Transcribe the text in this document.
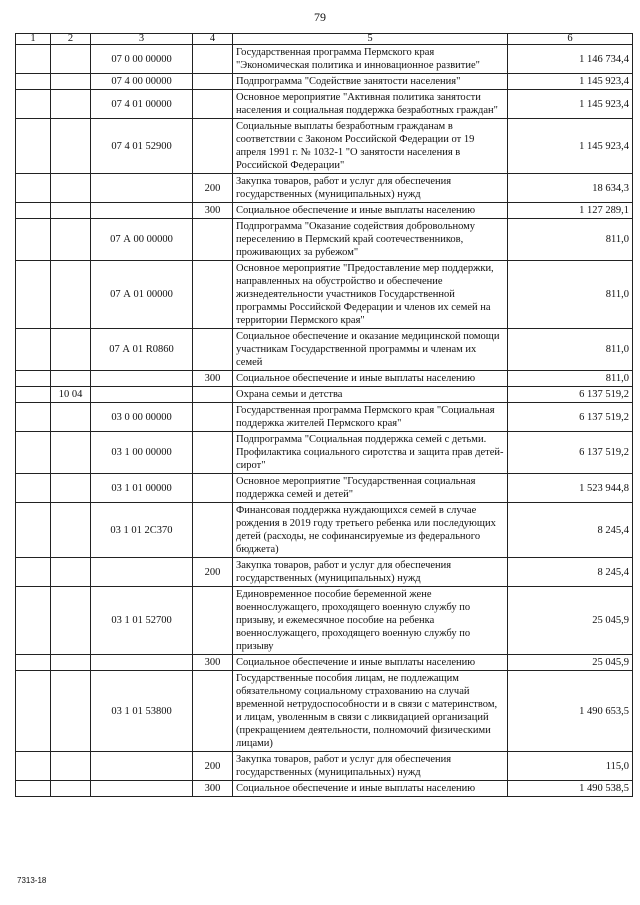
79
1	2	3	4	5	6
		07 0 00 00000		Государственная программа Пермского края "Экономическая политика и инновационное развитие"	1 146 734,4
		07 4 00 00000		Подпрограмма "Содействие занятости населения"	1 145 923,4
		07 4 01 00000		Основное мероприятие "Активная политика занятости населения и социальная поддержка безработных граждан"	1 145 923,4
		07 4 01 52900		Социальные выплаты безработным гражданам в соответствии с Законом Российской Федерации от 19 апреля 1991 г. № 1032-1 "О занятости населения в Российской Федерации"	1 145 923,4
			200	Закупка товаров, работ и услуг для обеспечения государственных (муниципальных) нужд	18 634,3
			300	Социальное обеспечение и иные выплаты населению	1 127 289,1
		07 А 00 00000		Подпрограмма "Оказание содействия добровольному переселению в Пермский край соотечественников, проживающих за рубежом"	811,0
		07 А 01 00000		Основное мероприятие "Предоставление мер поддержки, направленных на обустройство и обеспечение жизнедеятельности участников Государственной программы Российской Федерации и членов их семей на территории Пермского края"	811,0
		07 А 01 R0860		Социальное обеспечение и оказание медицинской помощи участникам Государственной программы и членам их семей	811,0
			300	Социальное обеспечение и иные выплаты населению	811,0
	10 04			Охрана семьи и детства	6 137 519,2
		03 0 00 00000		Государственная программа Пермского края "Социальная поддержка жителей Пермского края"	6 137 519,2
		03 1 00 00000		Подпрограмма "Социальная поддержка семей с детьми. Профилактика социального сиротства и защита прав детей-сирот"	6 137 519,2
		03 1 01 00000		Основное мероприятие "Государственная социальная поддержка семей и детей"	1 523 944,8
		03 1 01 2С370		Финансовая поддержка нуждающихся семей в случае рождения в 2019 году третьего ребенка или последующих детей (расходы, не софинансируемые из федерального бюджета)	8 245,4
			200	Закупка товаров, работ и услуг для обеспечения государственных (муниципальных) нужд	8 245,4
		03 1 01 52700		Единовременное пособие беременной жене военнослужащего, проходящего военную службу по призыву, и ежемесячное пособие на ребенка военнослужащего, проходящего военную службу по призыву	25 045,9
			300	Социальное обеспечение и иные выплаты населению	25 045,9
		03 1 01 53800		Государственные пособия лицам, не подлежащим обязательному социальному страхованию на случай временной нетрудоспособности и в связи с материнством, и лицам, уволенным в связи с ликвидацией организаций (прекращением деятельности, полномочий физическими лицами)	1 490 653,5
			200	Закупка товаров, работ и услуг для обеспечения государственных (муниципальных) нужд	115,0
			300	Социальное обеспечение и иные выплаты населению	1 490 538,5
7313-18
